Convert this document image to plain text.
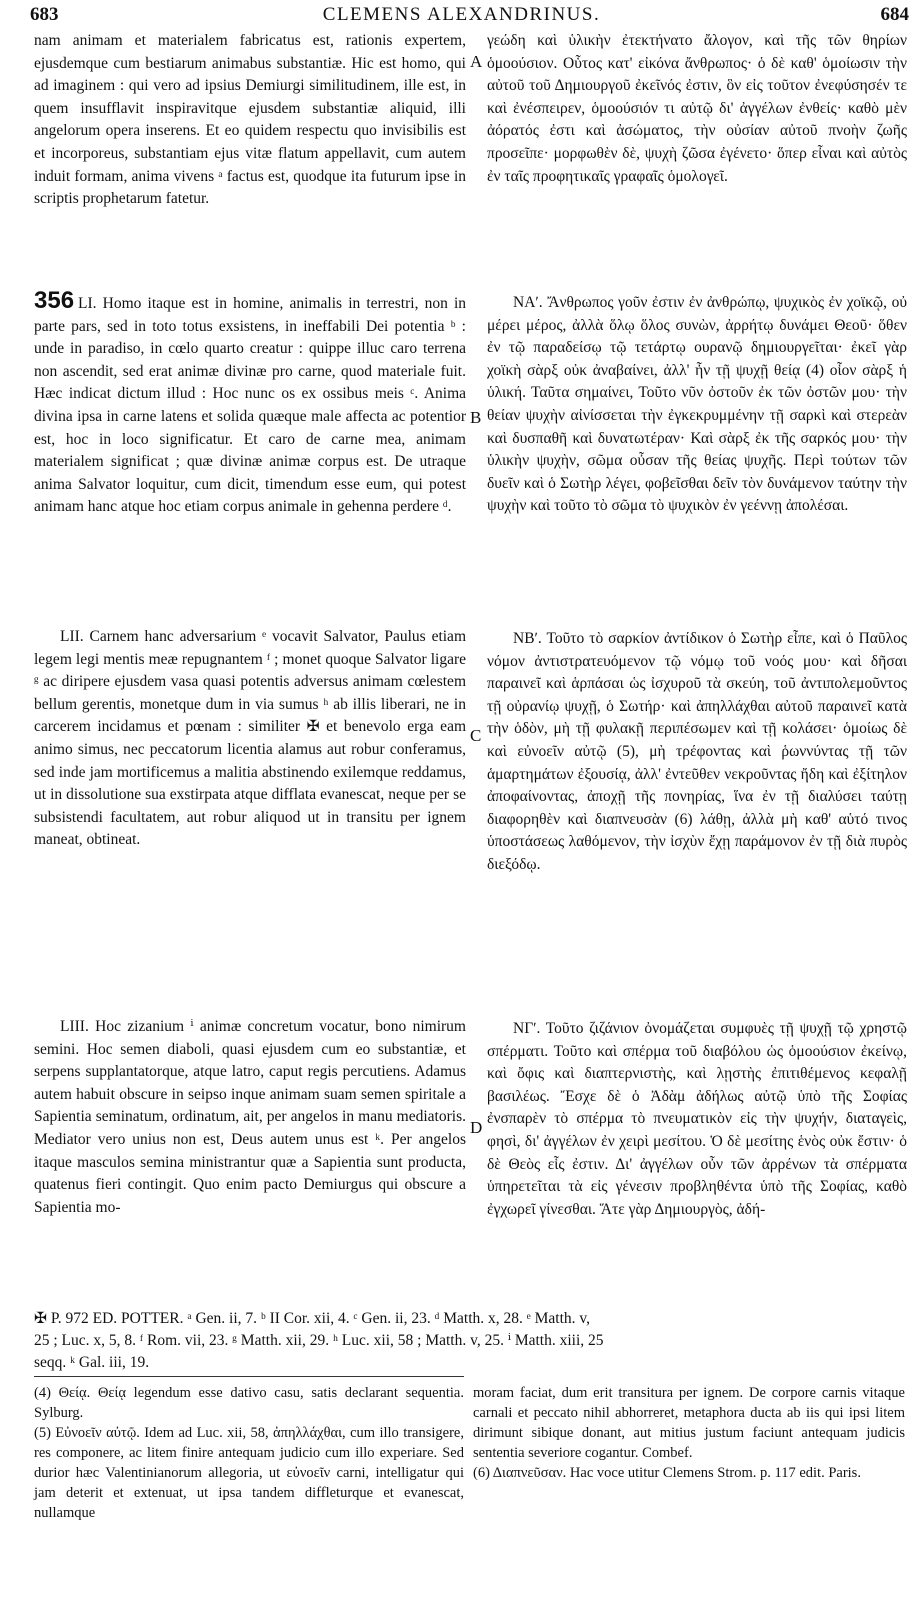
683	CLEMENS ALEXANDRINUS.	684

nam animam et materialem fabricatus est, rationis expertem, ejusdemque cum bestiarum animabus substantiæ. Hic est homo, qui ad imaginem : qui vero ad ipsius Demiurgi similitudinem, ille est, in quem insufflavit inspiravitque ejusdem substantiæ aliquid, illi angelorum opera inserens. Et eo quidem respectu quo invisibilis est et incorporeus, substantiam ejus vitæ flatum appellavit, cum autem induit formam, anima vivens ᵃ factus est, quodque ita futurum ipse in scriptis prophetarum fatetur.

356 LI. Homo itaque est in homine, animalis in terrestri, non in parte pars, sed in toto totus exsistens, in ineffabili Dei potentia ᵇ : unde in paradiso, in cœlo quarto creatur : quippe illuc caro terrena non ascendit, sed erat animæ divinæ pro carne, quod materiale fuit. Hæc indicat dictum illud : Hoc nunc os ex ossibus meis ᶜ. Anima divina ipsa in carne latens et solida quæque male affecta ac potentior est, hoc in loco significatur. Et caro de carne mea, animam materialem significat ; quæ divinæ animæ corpus est. De utraque anima Salvator loquitur, cum dicit, timendum esse eum, qui potest animam hanc atque hoc etiam corpus animale in gehenna perdere ᵈ.

LII. Carnem hanc adversarium ᵉ vocavit Salvator, Paulus etiam legem legi mentis meæ repugnantem ᶠ ; monet quoque Salvator ligare ᵍ ac diripere ejusdem vasa quasi potentis adversus animam cœlestem bellum gerentis, monetque dum in via sumus ʰ ab illis liberari, ne in carcerem incidamus et pœnam : similiter ✠ et benevolo erga eam animo simus, nec peccatorum licentia alamus aut robur conferamus, sed inde jam mortificemus a malitia abstinendo exilemque reddamus, ut in dissolutione sua exstirpata atque difflata evanescat, neque per se subsistendi facultatem, aut robur aliquod ut in transitu per ignem maneat, obtineat.

LIII. Hoc zizanium ⁱ animæ concretum vocatur, bono nimirum semini. Hoc semen diaboli, quasi ejusdem cum eo substantiæ, et serpens supplantatorque, atque latro, caput regis percutiens. Adamus autem habuit obscure in seipso inque animam suam semen spiritale a Sapientia seminatum, ordinatum, ait, per angelos in manu mediatoris. Mediator vero unius non est, Deus autem unus est ᵏ. Per angelos itaque masculos semina ministrantur quæ a Sapientia sunt producta, quatenus fieri contingit. Quo enim pacto Demiurgus qui obscure a Sapientia mo-

A
B
C
D

γεώδη καὶ ὑλικὴν ἐτεκτήνατο ἄλογον, καὶ τῆς τῶν θηρίων ὁμοούσιον. Οὗτος κατ' εἰκόνα ἄνθρωπος· ὁ δὲ καθ' ὁμοίωσιν τὴν αὐτοῦ τοῦ Δημιουργοῦ ἐκεῖνός ἐστιν, ὃν εἰς τοῦτον ἐνεφύσησέν τε καὶ ἐνέσπειρεν, ὁμοούσιόν τι αὐτῷ δι' ἀγγέλων ἐνθείς· καθὸ μὲν ἀόρατός ἐστι καὶ ἀσώματος, τὴν οὐσίαν αὐτοῦ πνοὴν ζωῆς προσεῖπε· μορφωθὲν δὲ, ψυχὴ ζῶσα ἐγένετο· ὅπερ εἶναι καὶ αὐτὸς ἐν ταῖς προφητικαῖς γραφαῖς ὁμολογεῖ.

ΝΑʹ. Ἄνθρωπος γοῦν ἐστιν ἐν ἀνθρώπῳ, ψυχικὸς ἐν χοϊκῷ, οὐ μέρει μέρος, ἀλλὰ ὅλῳ ὅλος συνὼν, ἀρρήτῳ δυνάμει Θεοῦ· ὅθεν ἐν τῷ παραδείσῳ τῷ τετάρτῳ ουρανῷ δημιουργεῖται· ἐκεῖ γὰρ χοϊκὴ σὰρξ οὐκ ἀναβαίνει, ἀλλ' ἦν τῇ ψυχῇ θείᾳ (4) οἷον σὰρξ ἡ ὑλική. Ταῦτα σημαίνει, Τοῦτο νῦν ὀστοῦν ἐκ τῶν ὀστῶν μου· τὴν θείαν ψυχὴν αἰνίσσεται τὴν ἐγκεκρυμμένην τῇ σαρκὶ καὶ στερεὰν καὶ δυσπαθῆ καὶ δυνατωτέραν· Καὶ σὰρξ ἐκ τῆς σαρκός μου· τὴν ὑλικὴν ψυχὴν, σῶμα οὖσαν τῆς θείας ψυχῆς. Περὶ τούτων τῶν δυεῖν καὶ ὁ Σωτὴρ λέγει, φοβεῖσθαι δεῖν τὸν δυνάμενον ταύτην τὴν ψυχὴν καὶ τοῦτο τὸ σῶμα τὸ ψυχικὸν ἐν γεέννῃ ἀπολέσαι.

ΝΒʹ. Τοῦτο τὸ σαρκίον ἀντίδικον ὁ Σωτὴρ εἶπε, καὶ ὁ Παῦλος νόμον ἀντιστρατευόμενον τῷ νόμῳ τοῦ νοός μου· καὶ δῆσαι παραινεῖ καὶ ἁρπάσαι ὡς ἰσχυροῦ τὰ σκεύη, τοῦ ἀντιπολεμοῦντος τῇ οὐρανίῳ ψυχῇ, ὁ Σωτήρ· καὶ ἀπηλλάχθαι αὐτοῦ παραινεῖ κατὰ τὴν ὁδὸν, μὴ τῇ φυλακῇ περιπέσωμεν καὶ τῇ κολάσει· ὁμοίως δὲ καὶ εὐνοεῖν αὐτῷ (5), μὴ τρέφοντας καὶ ῥωννύντας τῇ τῶν ἁμαρτημάτων ἐξουσίᾳ, ἀλλ' ἐντεῦθεν νεκροῦντας ἤδη καὶ ἐξίτηλον ἀποφαίνοντας, ἀποχῇ τῆς πονηρίας, ἵνα ἐν τῇ διαλύσει ταύτῃ διαφορηθὲν καὶ διαπνευσὰν (6) λάθῃ, ἀλλὰ μὴ καθ' αὑτό τινος ὑποστάσεως λαθόμενον, τὴν ἰσχὺν ἔχῃ παράμονον ἐν τῇ διὰ πυρὸς διεξόδῳ.

ΝΓʹ. Τοῦτο ζιζάνιον ὀνομάζεται συμφυὲς τῇ ψυχῇ τῷ χρηστῷ σπέρματι. Τοῦτο καὶ σπέρμα τοῦ διαβόλου ὡς ὁμοούσιον ἐκείνῳ, καὶ ὄφις καὶ διαπτερνιστὴς, καὶ λῃστὴς ἐπιτιθέμενος κεφαλῇ βασιλέως. Ἔσχε δὲ ὁ Ἀδὰμ ἀδήλως αὐτῷ ὑπὸ τῆς Σοφίας ἐνσπαρὲν τὸ σπέρμα τὸ πνευματικὸν εἰς τὴν ψυχήν, διαταγεὶς, φησὶ, δι' ἀγγέλων ἐν χειρὶ μεσίτου. Ὁ δὲ μεσίτης ἑνὸς οὐκ ἔστιν· ὁ δὲ Θεὸς εἷς ἐστιν. Δι' ἀγγέλων οὖν τῶν ἀρρένων τὰ σπέρματα ὑπηρετεῖται τὰ εἰς γένεσιν προβληθέντα ὑπὸ τῆς Σοφίας, καθὸ ἐγχωρεῖ γίνεσθαι. Ἅτε γὰρ Δημιουργὸς, ἀδή-

✠ P. 972 ED. POTTER. ᵃ Gen. ii, 7. ᵇ II Cor. xii, 4. ᶜ Gen. ii, 23. ᵈ Matth. x, 28. ᵉ Matth. v,

25 ; Luc. x, 5, 8. ᶠ Rom. vii, 23. ᵍ Matth. xii, 29. ʰ Luc. xii, 58 ; Matth. v, 25. ⁱ Matth. xiii, 25

seqq. ᵏ Gal. iii, 19.

(4) Θείᾳ. Θείᾳ legendum esse dativo casu, satis declarant sequentia. Sylburg.

(5) Εὐνοεῖν αὐτῷ. Idem ad Luc. xii, 58, ἀπηλλάχθαι, cum illo transigere, res componere, ac litem finire antequam judicio cum illo experiare. Sed durior hæc Valentinianorum allegoria, ut εὐνοεῖν carni, intelligatur qui jam deterit et extenuat, ut ipsa tandem diffleturque et evanescat, nullamque

moram faciat, dum erit transitura per ignem. De corpore carnis vitaque carnali et peccato nihil abhorreret, metaphora ducta ab iis qui ipsi litem dirimunt sibique donant, aut mitius justum faciunt antequam judicis sententia severiore cogantur. Combef.

(6) Διαπνεῦσαν. Hac voce utitur Clemens Strom. p. 117 edit. Paris.
